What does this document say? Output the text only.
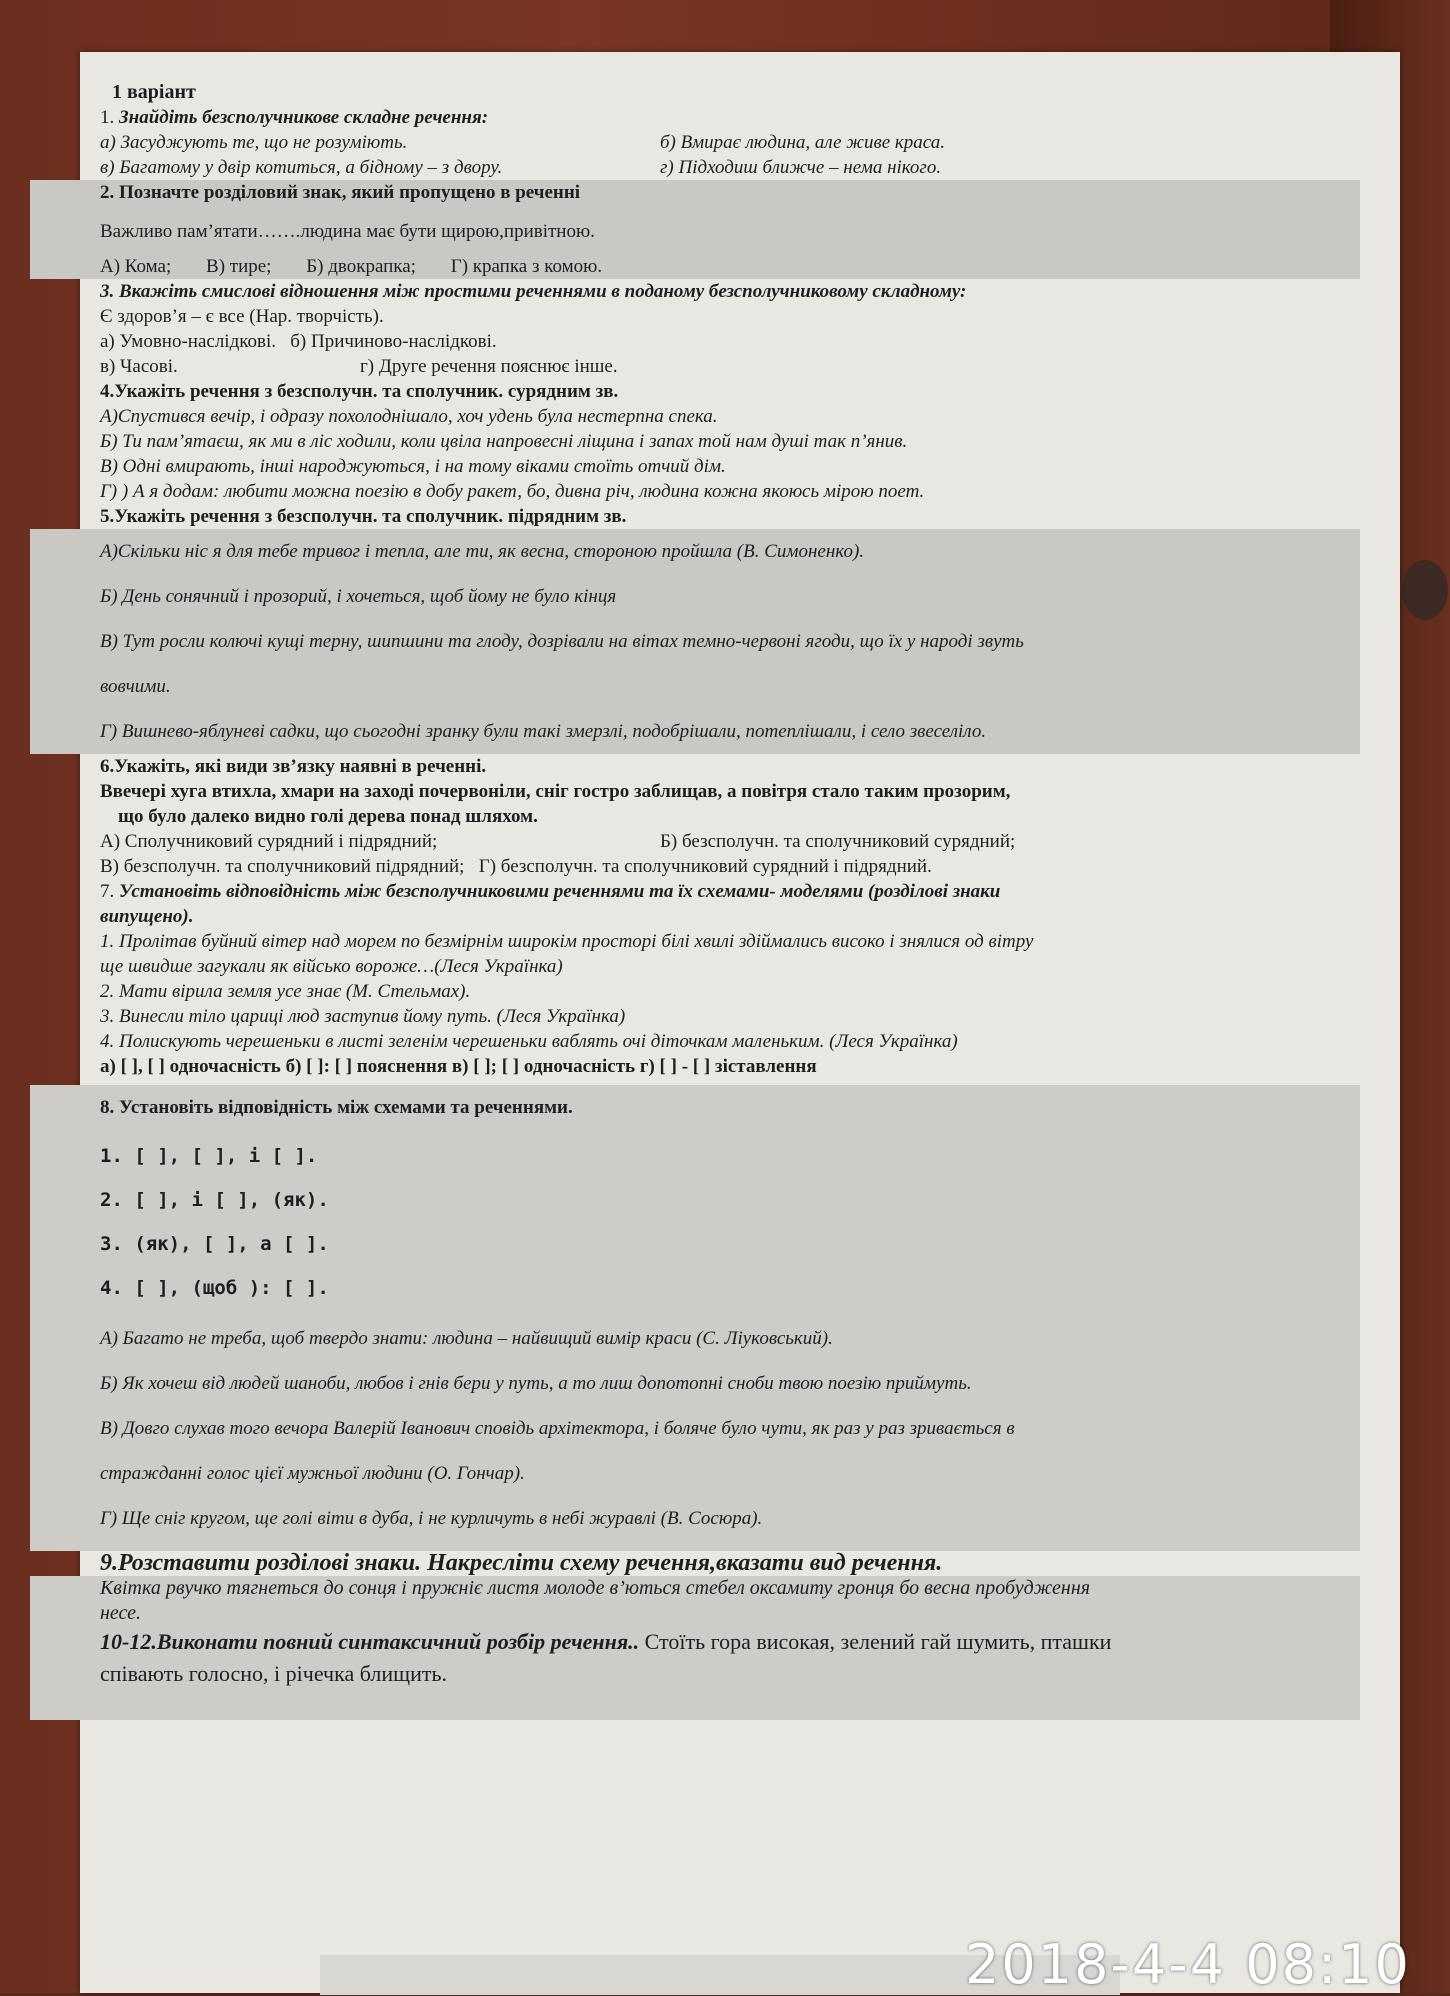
1 варіант
1. Знайдіть безсполучникове складне речення:
а) Засуджують те, що не розуміють.	б) Вмирає людина, але живе краса.
в) Багатому у двір котиться, а бідному – з двору.	г) Підходиш ближче – нема нікого.
2. Позначте розділовий знак, який пропущено в реченні
Важливо пам’ятати…….людина має бути щирою,привітною.
А) Кома; В) тире; Б) двокрапка; Г) крапка з комою.
3. Вкажіть смислові відношення між простими реченнями в поданому безсполучниковому складному:
Є здоров’я – є все (Нар. творчість).
а) Умовно-наслідкові. б) Причиново-наслідкові.
в) Часові.	г) Друге речення пояснює інше.
4.Укажіть речення з безсполучн. та сполучник. сурядним зв.
А)Спустився вечір, і одразу похолоднішало, хоч удень була нестерпна спека.
Б) Ти пам’ятаєш, як ми в ліс ходили, коли цвіла напровесні ліщина і запах той нам душі так п’янив.
В) Одні вмирають, інші народжуються, і на тому віками стоїть отчий дім.
Г) ) А я додам: любити можна поезію в добу ракет, бо, дивна річ, людина кожна якоюсь мірою поет.
5.Укажіть речення з безсполучн. та сполучник. підрядним зв.

А)Скільки ніс я для тебе тривог і тепла, але ти, як весна, стороною пройшла (В. Симоненко).

Б) День сонячний і прозорий, і хочеться, щоб йому не було кінця

В) Тут росли колючі кущі терну, шипшини та глоду, дозрівали на вітах темно-червоні ягоди, що їх у народі звуть

вовчими.

Г) Вишнево-яблуневі садки, що сьогодні зранку були такі змерзлі, подобрішали, потеплішали, і село звеселіло.

6.Укажіть, які види зв’язку наявні в реченні.
Ввечері хуга втихла, хмари на заході почервоніли, сніг гостро заблищав, а повітря стало таким прозорим,
що було далеко видно голі дерева понад шляхом.
А) Сполучниковий сурядний і підрядний;	Б) безсполучн. та сполучниковий сурядний;
В) безсполучн. та сполучниковий підрядний; Г) безсполучн. та сполучниковий сурядний і підрядний.
7. Установіть відповідність між безсполучниковими реченнями та їх схемами- моделями (розділові знаки
випущено).
1. Пролітав буйний вітер над морем по безмірнім широкім просторі білі хвилі здіймались високо і знялися од вітру
ще швидше загукали як військо вороже…(Леся Українка)
2. Мати вірила земля усе знає (М. Стельмах).
3. Винесли тіло цариці люд заступив йому путь. (Леся Українка)
4. Полискують черешеньки в листі зеленім черешеньки ваблять очі діточкам маленьким. (Леся Українка)
а) [ ], [ ] одночасність б) [ ]: [ ] пояснення в) [ ]; [ ] одночасність г) [ ] - [ ] зіставлення
8. Установіть відповідність між схемами та реченнями.
1. [ ], [ ], і [ ].
2. [ ], і [ ], (як).
3. (як), [ ], а [ ].
4. [ ], (щоб ): [ ].

А) Багато не треба, щоб твердо знати: людина – найвищий вимір краси (С. Ліуковський).

Б) Як хочеш від людей шаноби, любов і гнів бери у путь, а то лиш допотопні сноби твою поезію приймуть.

В) Довго слухав того вечора Валерій Іванович сповідь архітектора, і боляче було чути, як раз у раз зривається в

стражданні голос цієї мужньої людини (О. Гончар).

Г) Ще сніг кругом, ще голі віти в дуба, і не курличуть в небі журавлі (В. Сосюра).

9.Розставити розділові знаки. Накресліти схему речення,вказати вид речення.
Квітка рвучко тягнеться до сонця і пружніє листя молоде в’ються стебел оксамиту гронця бо весна пробудження
несе.
10-12.Виконати повний синтаксичний розбір речення.. Стоїть гора високая, зелений гай шумить, пташки
співають голосно, і річечка блищить.
2018-4-4 08:10
